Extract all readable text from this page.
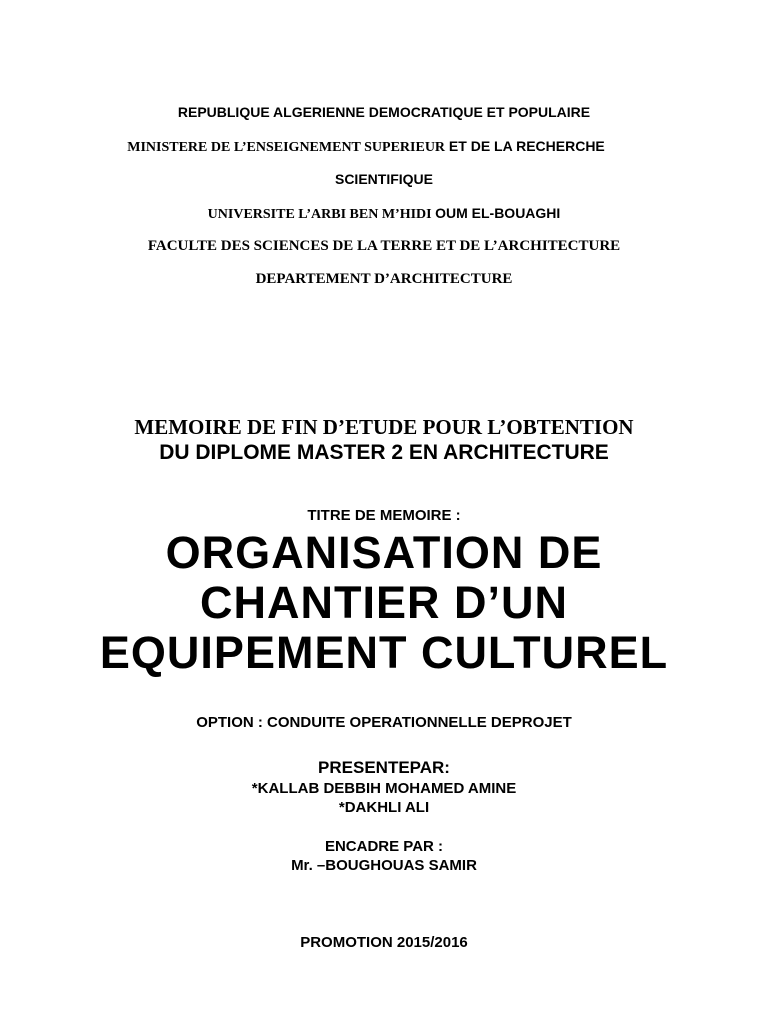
REPUBLIQUE ALGERIENNE DEMOCRATIQUE ET POPULAIRE
MINISTERE DE L’ENSEIGNEMENT SUPERIEUR ET DE LA RECHERCHE
SCIENTIFIQUE
UNIVERSITE L’ARBI BEN M’HIDI OUM EL-BOUAGHI
FACULTE DES SCIENCES DE LA TERRE ET DE L’ARCHITECTURE
DEPARTEMENT D’ARCHITECTURE
MEMOIRE DE FIN D’ETUDE POUR L’OBTENTION
DU DIPLOME MASTER 2 EN ARCHITECTURE
TITRE DE MEMOIRE :
ORGANISATION DE
CHANTIER D’UN
EQUIPEMENT CULTUREL
OPTION : CONDUITE OPERATIONNELLE DEPROJET
PRESENTEPAR:
*KALLAB DEBBIH MOHAMED AMINE
*DAKHLI ALI
ENCADRE PAR :
Mr. –BOUGHOUAS SAMIR
PROMOTION 2015/2016
